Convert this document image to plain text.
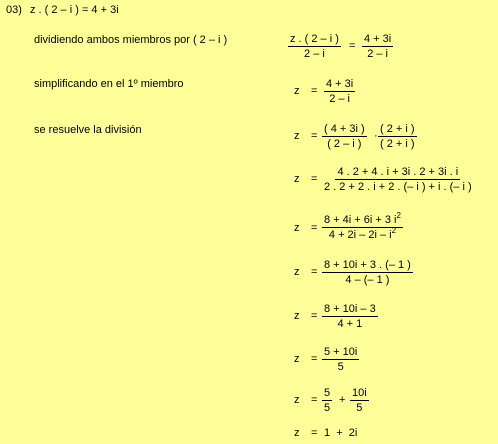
03) z . ( 2 – i ) = 4 + 3i
dividiendo ambos miembros por ( 2 – i )	$\frac{z . ( 2 - i )}{2 - i} = \frac{4 + 3i}{2 - i}$
simplificando en el 1º miembro
$z = \frac{4 + 3i}{2 - i}$
se resuelve la división	$z = \frac{( 4 + 3i )}{( 2 - i )} \cdot \frac{( 2 + i )}{( 2 + i )}$
$z = \frac{4 . 2 + 4 . i + 3i . 2 + 3i . i}{2 . 2 + 2 . i + 2 . (- i ) + i . (- i )}$
$z = \frac{8 + 4i + 6i + 3 i^2}{4 + 2i - 2i - i^2}$
$z = \frac{8 + 10i + 3 . (- 1 )}{4 - (- 1 )}$
$z = \frac{8 + 10i - 3}{4 + 1}$
$z = \frac{5 + 10i}{5}$
$z = \frac{5}{5} + \frac{10i}{5}$
z = 1  +  2i
